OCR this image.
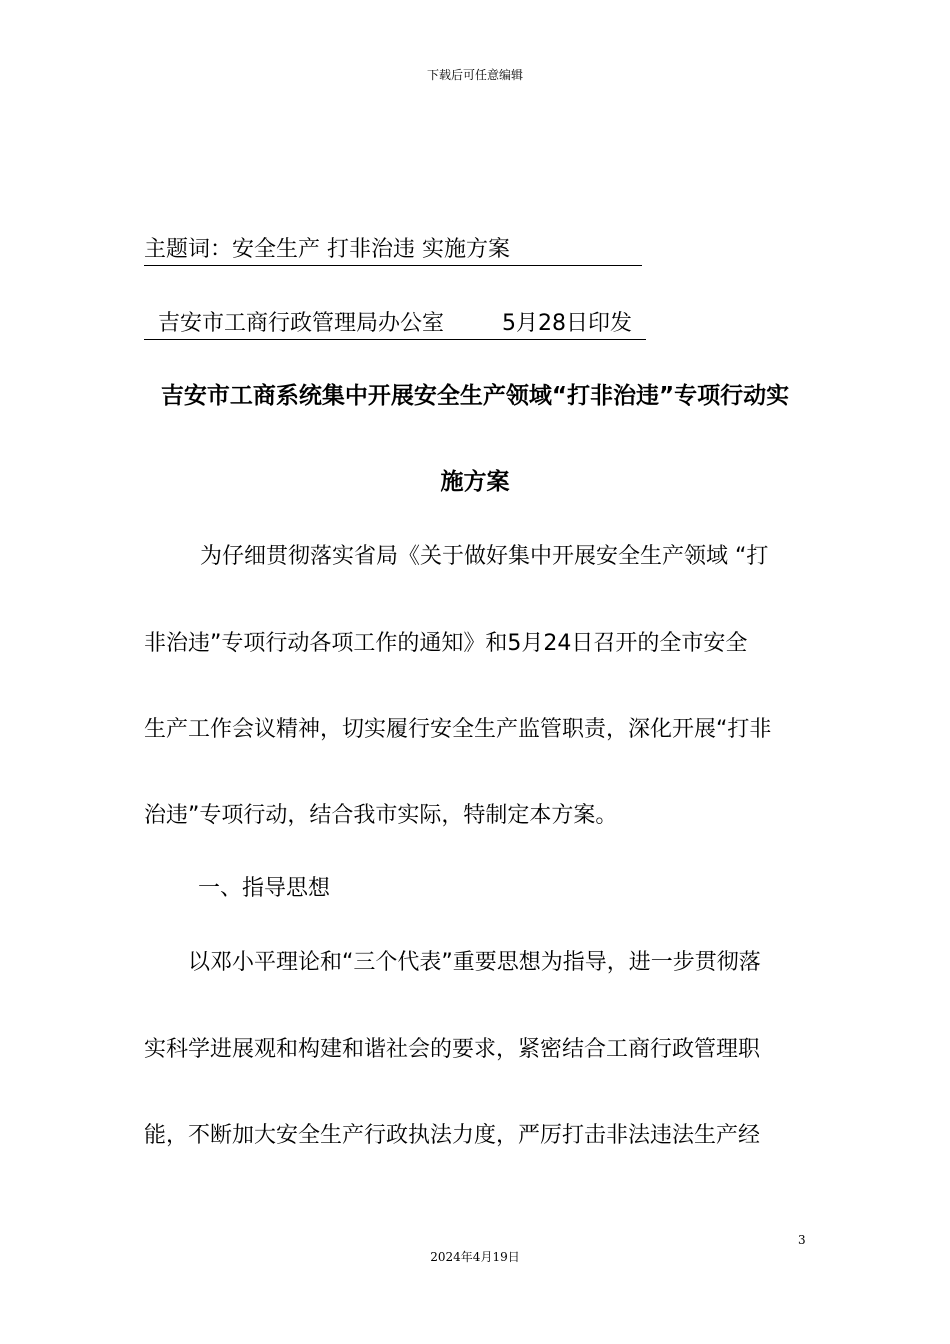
下载后可任意编辑
主题词：安全生产 打非治违 实施方案
吉安市工商行政管理局办公室	5月28日印发
吉安市工商系统集中开展安全生产领域“打非治违”专项行动实
施方案
为仔细贯彻落实省局《关于做好集中开展安全生产领域 “打
非治违”专项行动各项工作的通知》和5月24日召开的全市安全
生产工作会议精神，切实履行安全生产监管职责，深化开展“打非
治违”专项行动，结合我市实际，特制定本方案。
一、指导思想
以邓小平理论和“三个代表”重要思想为指导，进一步贯彻落
实科学进展观和构建和谐社会的要求，紧密结合工商行政管理职
能，不断加大安全生产行政执法力度，严厉打击非法违法生产经
3
2024年4月19日
